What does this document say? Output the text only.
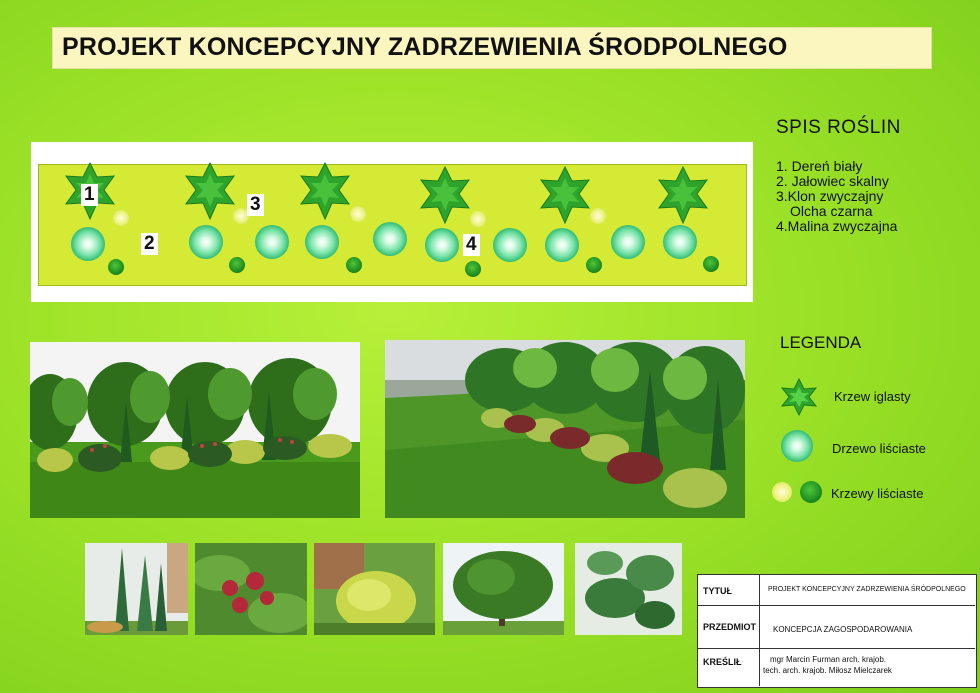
PROJEKT KONCEPCYJNY ZADRZEWIENIA ŚRODPOLNEGO
1
2
3
4
SPIS ROŚLIN
1. Dereń biały
2. Jałowiec skalny
3.Klon zwyczajny
Olcha czarna
4.Malina zwyczajna
LEGENDA
Krzew iglasty
Drzewo liściaste
Krzewy liściaste
TYTUŁ	PROJEKT KONCEPCYJNY ZADRZEWIENIA ŚRÓDPOLNEGO
PRZEDMIOT KONCEPCJA ZAGOSPODAROWANIA
KREŚLIŁ	mgr Marcin Furman arch. krajob.
tech. arch. krajob. Miłosz Mielczarek
